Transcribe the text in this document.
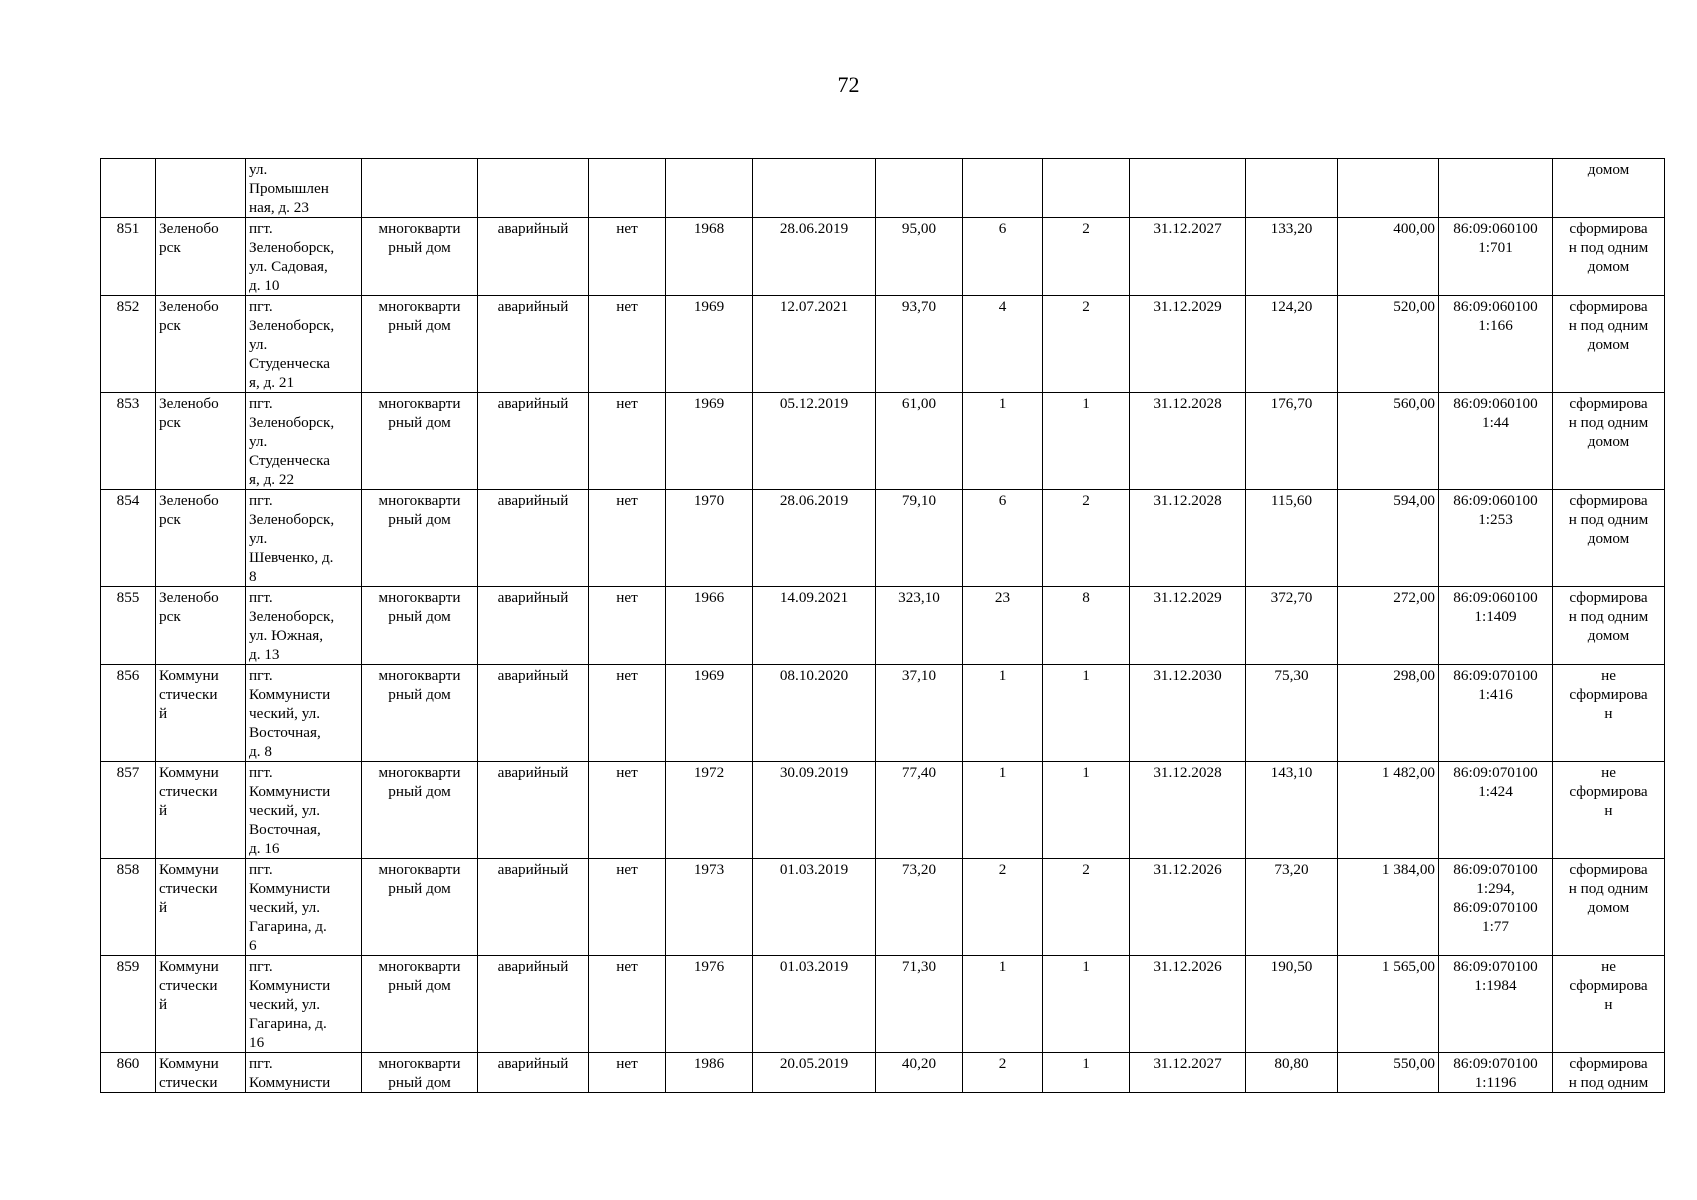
72
		ул.
Промышлен
ная, д. 23													домом
851	Зеленобо
рск	пгт.
Зеленоборск,
ул. Садовая,
д. 10	многокварти
рный дом	аварийный	нет	1968	28.06.2019	95,00	6	2	31.12.2027	133,20	400,00	86:09:060100
1:701	сформирова
н под одним
домом
852	Зеленобо
рск	пгт.
Зеленоборск,
ул.
Студенческа
я, д. 21	многокварти
рный дом	аварийный	нет	1969	12.07.2021	93,70	4	2	31.12.2029	124,20	520,00	86:09:060100
1:166	сформирова
н под одним
домом
853	Зеленобо
рск	пгт.
Зеленоборск,
ул.
Студенческа
я, д. 22	многокварти
рный дом	аварийный	нет	1969	05.12.2019	61,00	1	1	31.12.2028	176,70	560,00	86:09:060100
1:44	сформирова
н под одним
домом
854	Зеленобо
рск	пгт.
Зеленоборск,
ул.
Шевченко, д.
8	многокварти
рный дом	аварийный	нет	1970	28.06.2019	79,10	6	2	31.12.2028	115,60	594,00	86:09:060100
1:253	сформирова
н под одним
домом
855	Зеленобо
рск	пгт.
Зеленоборск,
ул. Южная,
д. 13	многокварти
рный дом	аварийный	нет	1966	14.09.2021	323,10	23	8	31.12.2029	372,70	272,00	86:09:060100
1:1409	сформирова
н под одним
домом
856	Коммуни
стически
й	пгт.
Коммунисти
ческий, ул.
Восточная,
д. 8	многокварти
рный дом	аварийный	нет	1969	08.10.2020	37,10	1	1	31.12.2030	75,30	298,00	86:09:070100
1:416	не
сформирова
н
857	Коммуни
стически
й	пгт.
Коммунисти
ческий, ул.
Восточная,
д. 16	многокварти
рный дом	аварийный	нет	1972	30.09.2019	77,40	1	1	31.12.2028	143,10	1 482,00	86:09:070100
1:424	не
сформирова
н
858	Коммуни
стически
й	пгт.
Коммунисти
ческий, ул.
Гагарина, д.
6	многокварти
рный дом	аварийный	нет	1973	01.03.2019	73,20	2	2	31.12.2026	73,20	1 384,00	86:09:070100
1:294,
86:09:070100
1:77	сформирова
н под одним
домом
859	Коммуни
стически
й	пгт.
Коммунисти
ческий, ул.
Гагарина, д.
16	многокварти
рный дом	аварийный	нет	1976	01.03.2019	71,30	1	1	31.12.2026	190,50	1 565,00	86:09:070100
1:1984	не
сформирова
н
860	Коммуни
стически	пгт.
Коммунисти	многокварти
рный дом	аварийный	нет	1986	20.05.2019	40,20	2	1	31.12.2027	80,80	550,00	86:09:070100
1:1196	сформирова
н под одним
